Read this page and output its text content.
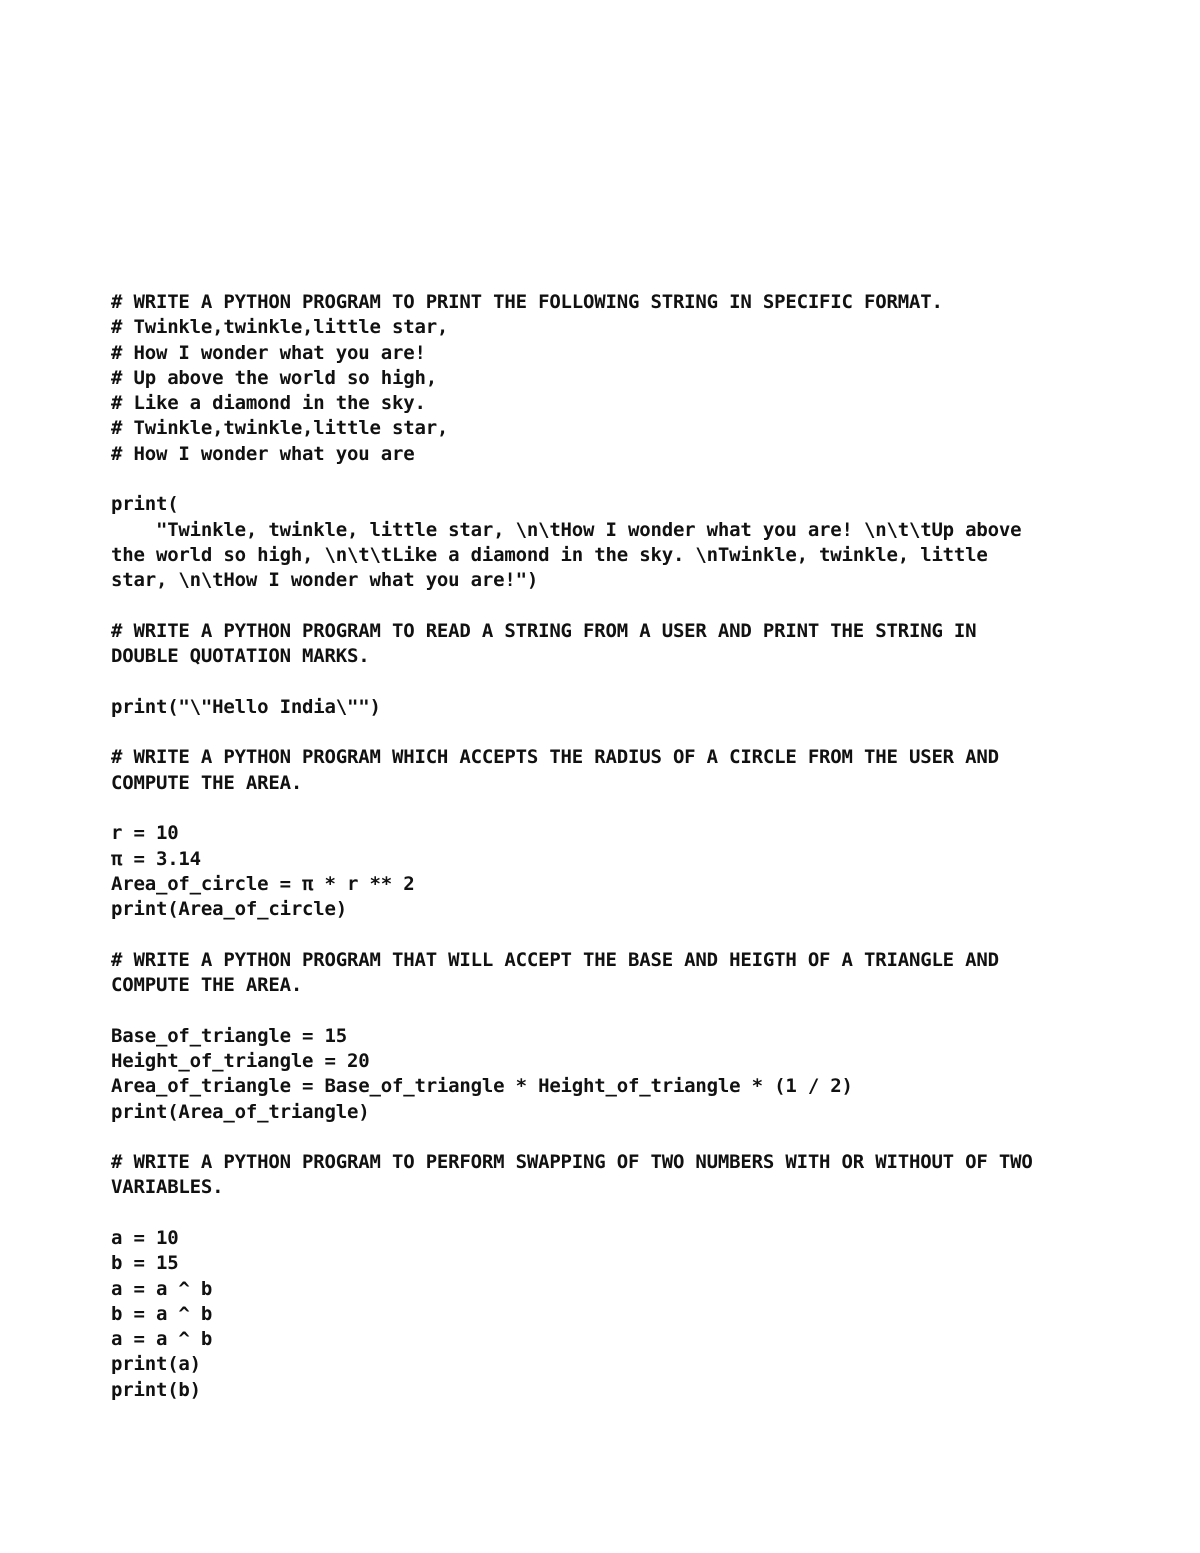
# WRITE A PYTHON PROGRAM TO PRINT THE FOLLOWING STRING IN SPECIFIC FORMAT.
# Twinkle,twinkle,little star,
# How I wonder what you are!
# Up above the world so high,
# Like a diamond in the sky.
# Twinkle,twinkle,little star,
# How I wonder what you are
print(
"Twinkle, twinkle, little star, \n\tHow I wonder what you are! \n\t\tUp above
the world so high, \n\t\tLike a diamond in the sky. \nTwinkle, twinkle, little
star, \n\tHow I wonder what you are!")
# WRITE A PYTHON PROGRAM TO READ A STRING FROM A USER AND PRINT THE STRING IN
DOUBLE QUOTATION MARKS.
print("\"Hello India\"")
# WRITE A PYTHON PROGRAM WHICH ACCEPTS THE RADIUS OF A CIRCLE FROM THE USER AND
COMPUTE THE AREA.
r = 10
π = 3.14
Area_of_circle = π * r ** 2
print(Area_of_circle)
# WRITE A PYTHON PROGRAM THAT WILL ACCEPT THE BASE AND HEIGTH OF A TRIANGLE AND
COMPUTE THE AREA.
Base_of_triangle = 15
Height_of_triangle = 20
Area_of_triangle = Base_of_triangle * Height_of_triangle * (1 / 2)
print(Area_of_triangle)
# WRITE A PYTHON PROGRAM TO PERFORM SWAPPING OF TWO NUMBERS WITH OR WITHOUT OF TWO
VARIABLES.
a = 10
b = 15
a = a ^ b
b = a ^ b
a = a ^ b
print(a)
print(b)
